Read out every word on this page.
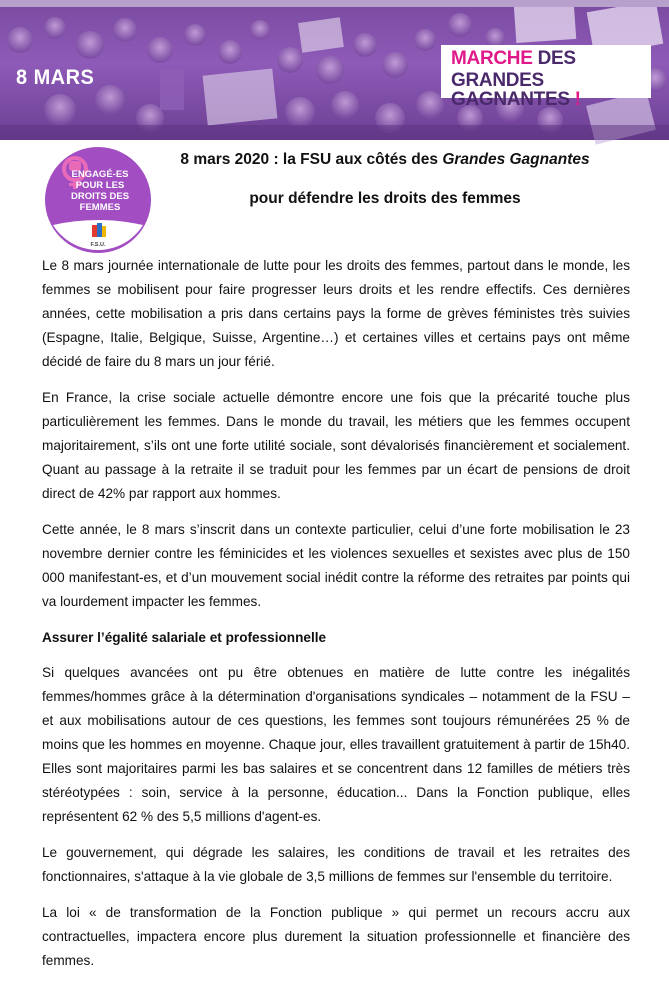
8 MARS
MARCHE DES
GRANDES GAGNANTES !
ENGAGÉ-ES
POUR LES
DROITS DES
FEMMES
F.S.U.
8 mars 2020 : la FSU aux côtés des Grandes Gagnantes
pour défendre les droits des femmes

Le 8 mars journée internationale de lutte pour les droits des femmes, partout dans le monde, les femmes se mobilisent pour faire progresser leurs droits et les rendre effectifs. Ces dernières années, cette mobilisation a pris dans certains pays la forme de grèves féministes très suivies (Espagne, Italie, Belgique, Suisse, Argentine…) et certaines villes et certains pays ont même décidé de faire du 8 mars un jour férié.

En France, la crise sociale actuelle démontre encore une fois que la précarité touche plus particulièrement les femmes. Dans le monde du travail, les métiers que les femmes occupent majoritairement, s’ils ont une forte utilité sociale, sont dévalorisés financièrement et socialement. Quant au passage à la retraite il se traduit pour les femmes par un écart de pensions de droit direct de 42% par rapport aux hommes.

Cette année, le 8 mars s’inscrit dans un contexte particulier, celui d’une forte mobilisation le 23 novembre dernier contre les féminicides et les violences sexuelles et sexistes avec plus de 150 000 manifestant-es, et d’un mouvement social inédit contre la réforme des retraites par points qui va lourdement impacter les femmes.

Assurer l’égalité salariale et professionnelle

Si quelques avancées ont pu être obtenues en matière de lutte contre les inégalités femmes/hommes grâce à la détermination d'organisations syndicales – notamment de la FSU – et aux mobilisations autour de ces questions, les femmes sont toujours rémunérées 25 % de moins que les hommes en moyenne. Chaque jour, elles travaillent gratuitement à partir de 15h40. Elles sont majoritaires parmi les bas salaires et se concentrent dans 12 familles de métiers très stéréotypées : soin, service à la personne, éducation... Dans la Fonction publique, elles représentent 62 % des 5,5 millions d'agent-es.

Le gouvernement, qui dégrade les salaires, les conditions de travail et les retraites des fonctionnaires, s'attaque à la vie globale de 3,5 millions de femmes sur l'ensemble du territoire.

La loi « de transformation de la Fonction publique » qui permet un recours accru aux contractuelles, impactera encore plus durement la situation professionnelle et financière des femmes.
